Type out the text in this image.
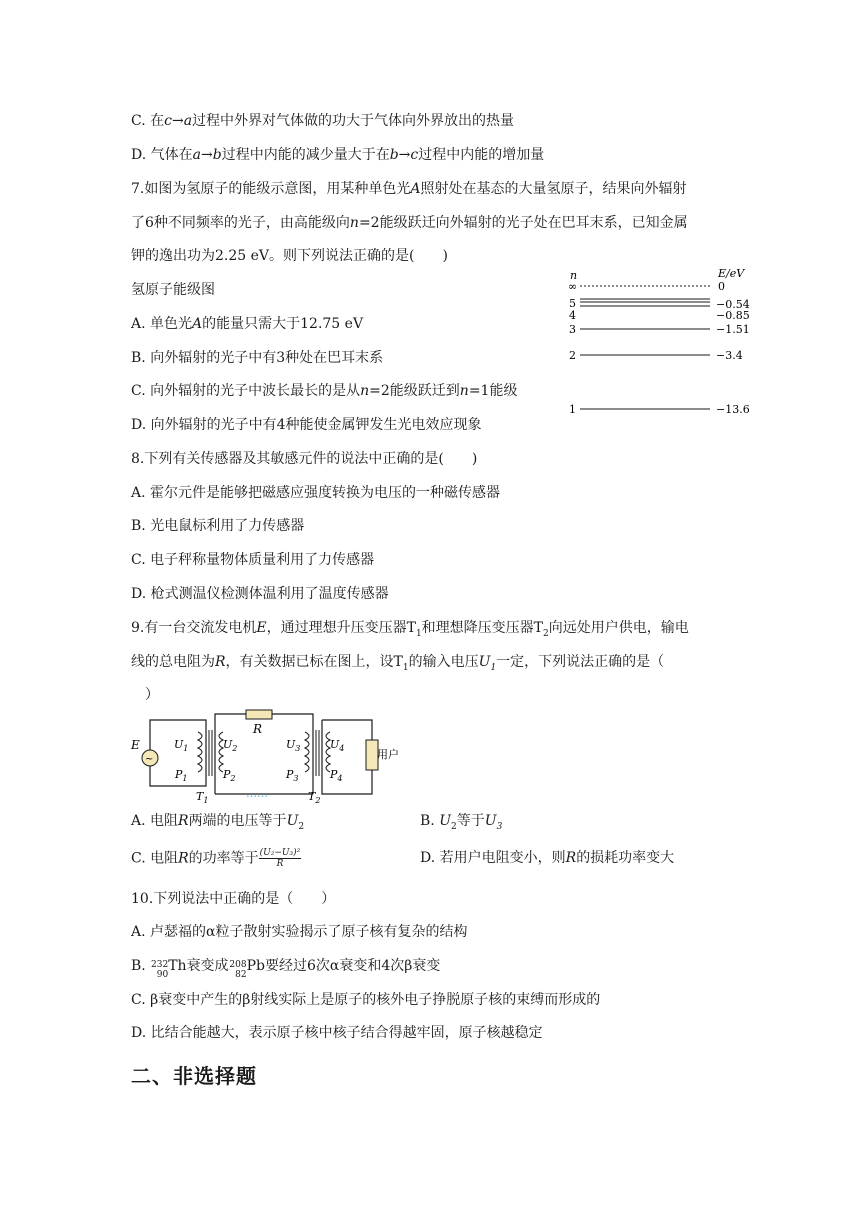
C. 在c→a过程中外界对气体做的功大于气体向外界放出的热量
D. 气体在a→b过程中内能的减少量大于在b→c过程中内能的增加量
7.如图为氢原子的能级示意图，用某种单色光A照射处在基态的大量氢原子，结果向外辐射
了6种不同频率的光子，由高能级向n=2能级跃迁向外辐射的光子处在巴耳末系，已知金属
钾的逸出功为2.25 eV。则下列说法正确的是(　　)
氢原子能级图
A. 单色光A的能量只需大于12.75 eV
B. 向外辐射的光子中有3种处在巴耳末系
C. 向外辐射的光子中波长最长的是从n=2能级跃迁到n=1能级
D. 向外辐射的光子中有4种能使金属钾发生光电效应现象
n	E/eV
∞	0
5	−0.54
4	−0.85
3	−1.51
2	−3.4
1	−13.6
8.下列有关传感器及其敏感元件的说法中正确的是(　　)
A. 霍尔元件是能够把磁感应强度转换为电压的一种磁传感器
B. 光电鼠标利用了力传感器
C. 电子秤称量物体质量利用了力传感器
D. 枪式测温仪检测体温利用了温度传感器
9.有一台交流发电机E，通过理想升压变压器$T_1$和理想降压变压器$T_2$向远处用户供电，输电
线的总电阻为R，有关数据已标在图上，设$T_1$的输入电压$U_1$一定，下列说法正确的是（
　）
~
E
R
……
用户
$U_1$	$U_2$
$P_1$	$P_2$
$U_3$	$U_4$
$P_3$	$P_4$
$T_1$	$T_2$
A. 电阻R两端的电压等于$U_2$	B. $U_2$等于$U_3$
C. 电阻R的功率等于 $\frac{\text{(U₂−U₃)²}}{R}$	D. 若用户电阻变小，则R的损耗功率变大
10.下列说法中正确的是（　　）
A. 卢瑟福的α粒子散射实验揭示了原子核有复杂的结构
B. 232
90
Th衰变成 208
82
Pb要经过6次α衰变和4次β衰变
C. β衰变中产生的β射线实际上是原子的核外电子挣脱原子核的束缚而形成的
D. 比结合能越大，表示原子核中核子结合得越牢固，原子核越稳定
二、非选择题
